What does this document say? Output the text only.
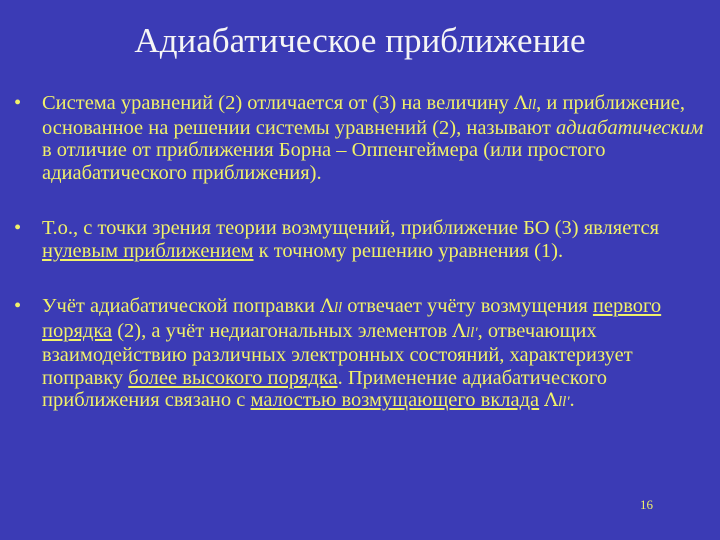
Адиабатическое приближение
• Система уравнений (2) отличается от (3) на величину Λll, и приближение, основанное на решении системы уравнений (2), называют адиабатическим в отличие от приближения Борна – Оппенгеймера (или простого адиабатического приближения).
• Т.о., с точки зрения теории возмущений, приближение БО (3) является нулевым приближением к точному решению уравнения (1).
• Учёт адиабатической поправки Λll отвечает учёту возмущения первого порядка (2), а учёт недиагональных элементов Λll', отвечающих взаимодействию различных электронных состояний, характеризует поправку более высокого порядка. Применение адиабатического приближения связано с малостью возмущающего вклада Λll'.
16
